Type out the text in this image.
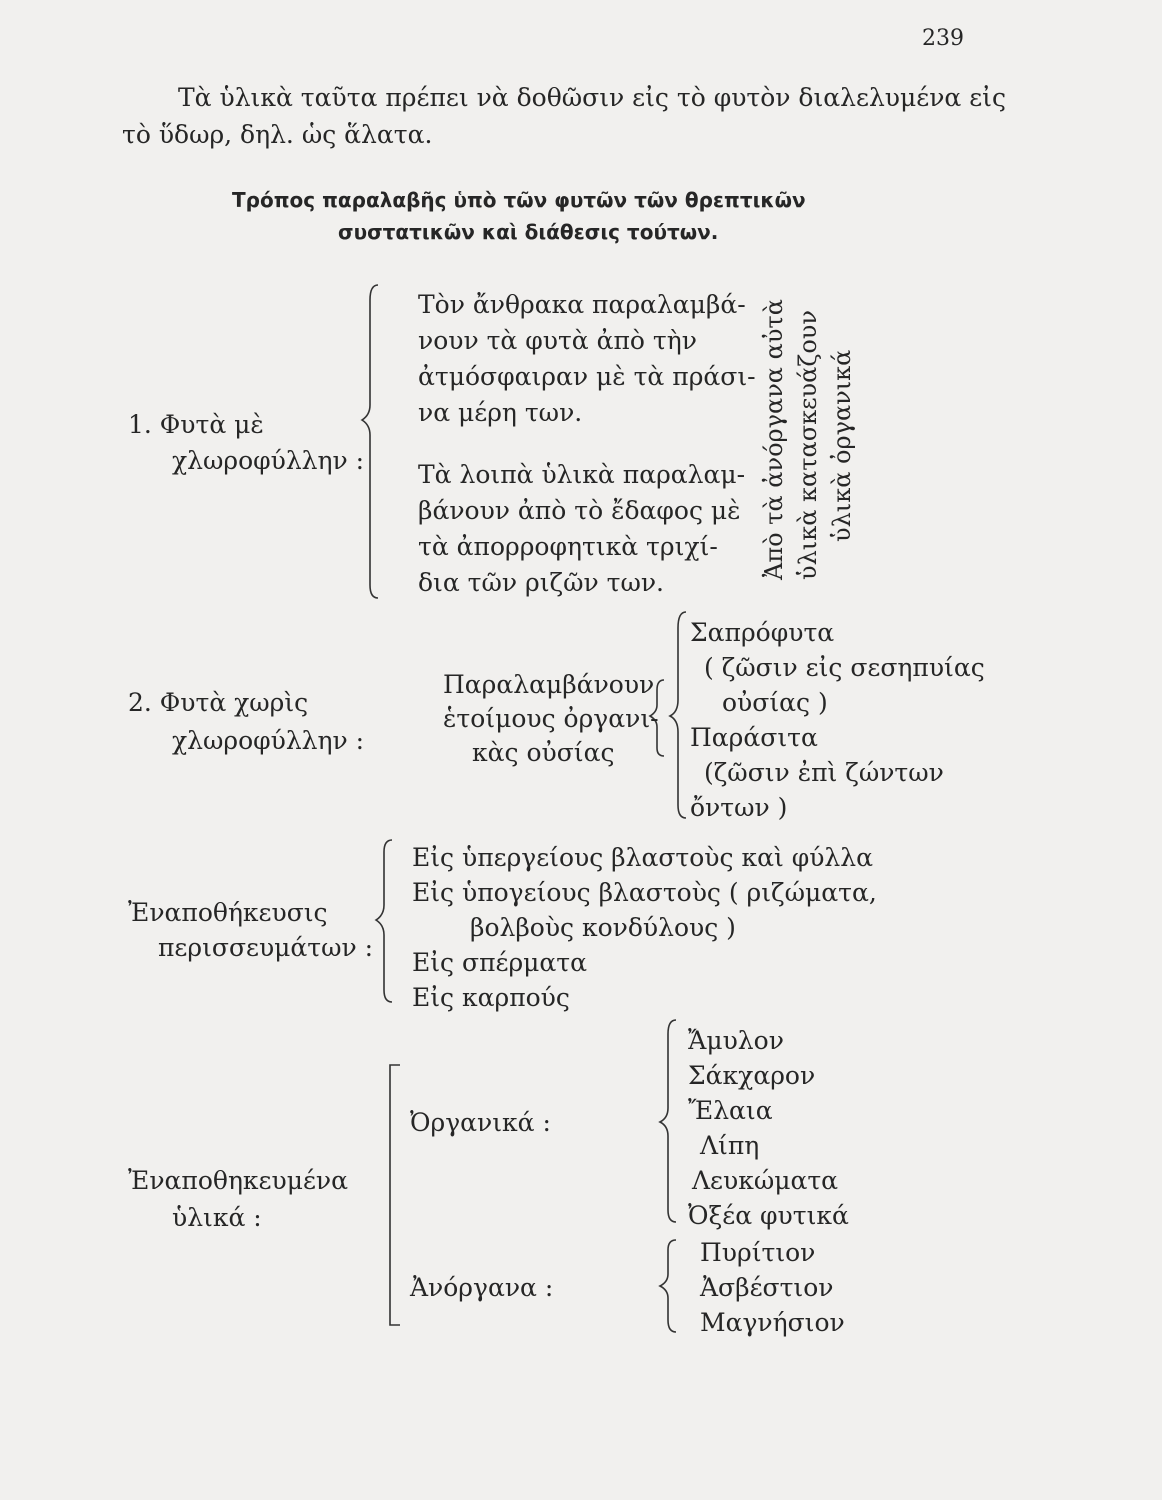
239
Τὰ ὑλικὰ ταῦτα πρέπει νὰ δοθῶσιν εἰς τὸ φυτὸν διαλελυμένα εἰς
τὸ ὕδωρ, δηλ. ὡς ἅλατα.
Τρόπος παραλαβῆς ὑπὸ τῶν φυτῶν τῶν θρεπτικῶν
συστατικῶν καὶ διάθεσις τούτων.
1. Φυτὰ μὲ
χλωροφύλλην :
Τὸν ἄνθρακα παραλαμβά-
νουν τὰ φυτὰ ἀπὸ τὴν
ἀτμόσφαιραν μὲ τὰ πράσι-
να μέρη των.
Τὰ λοιπὰ ὑλικὰ παραλαμ-
βάνουν ἀπὸ τὸ ἔδαφος μὲ
τὰ ἀπορροφητικὰ τριχί-
δια τῶν ριζῶν των.
Ἀπὸ τὰ ἀνόργανα αὐτὰ ὑλικὰ κατασκευάζουν ὑλικὰ ὀργανικά
2. Φυτὰ χωρὶς
χλωροφύλλην :
Παραλαμβάνουν
ἑτοίμους ὀργανι-
κὰς οὐσίας
Σαπρόφυτα
( ζῶσιν εἰς σεσηπυίας
οὐσίας )
Παράσιτα
(ζῶσιν ἐπὶ ζώντων
ὄντων )
Ἐναποθήκευσις
περισσευμάτων :
Εἰς ὑπεργείους βλαστοὺς καὶ φύλλα
Εἰς ὑπογείους βλαστοὺς ( ριζώματα,
βολβοὺς κονδύλους )
Εἰς σπέρματα
Εἰς καρπούς
Ἐναποθηκευμένα
ὑλικά :
Ὀργανικά :
Ἀνόργανα :
Ἄμυλον
Σάκχαρον
Ἔλαια
Λίπη
Λευκώματα
Ὀξέα φυτικά
Πυρίτιον
Ἀσβέστιον
Μαγνήσιον
